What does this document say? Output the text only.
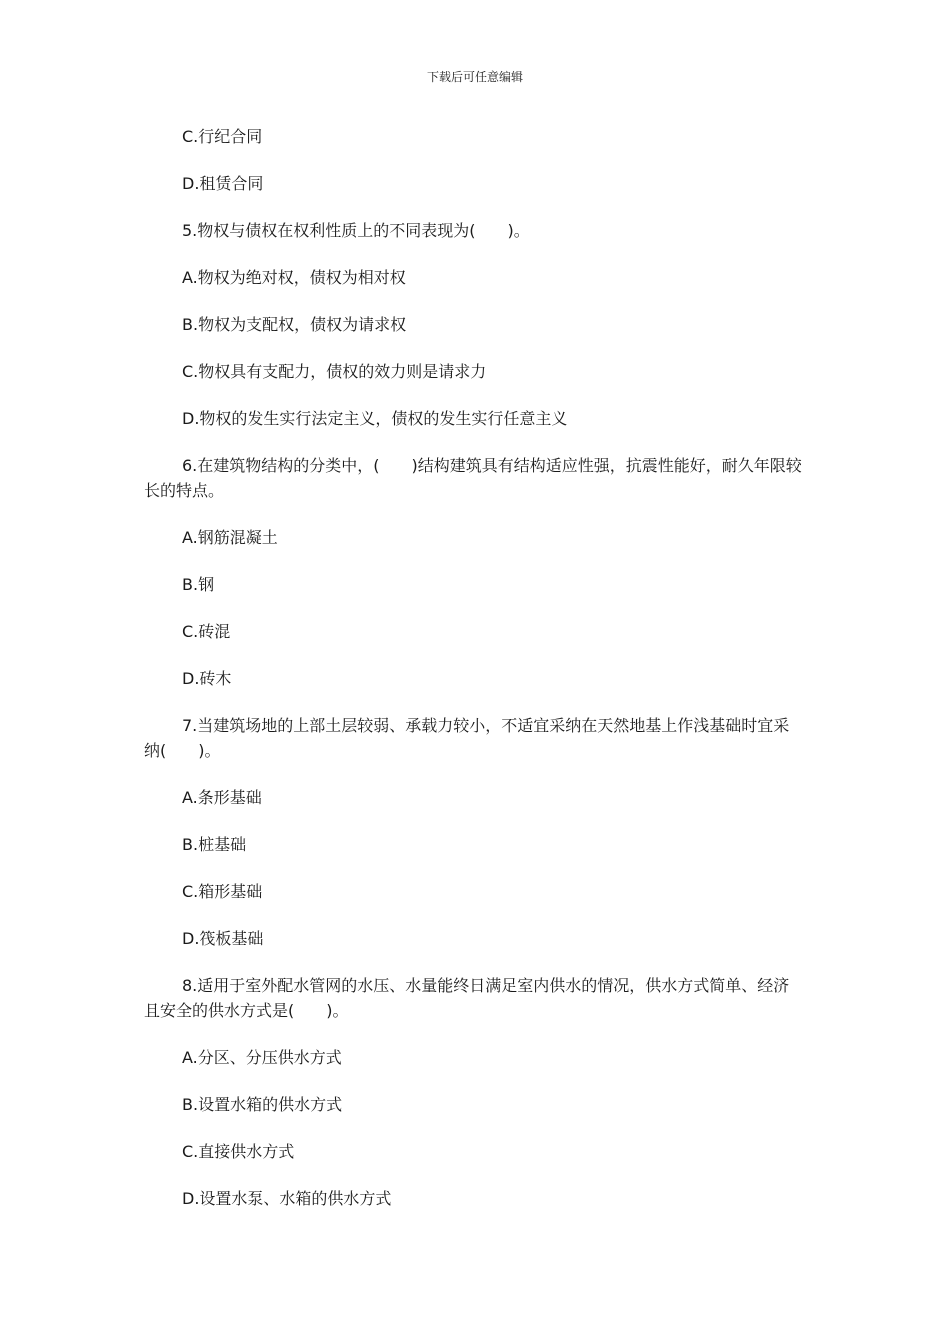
下载后可任意编辑

C.行纪合同

D.租赁合同

5.物权与债权在权利性质上的不同表现为(　　)。

A.物权为绝对权，债权为相对权

B.物权为支配权，债权为请求权

C.物权具有支配力，债权的效力则是请求力

D.物权的发生实行法定主义，债权的发生实行任意主义

6.在建筑物结构的分类中，(　　)结构建筑具有结构适应性强，抗震性能好，耐久年限较长的特点。

A.钢筋混凝土

B.钢

C.砖混

D.砖木

7.当建筑场地的上部土层较弱、承载力较小，不适宜采纳在天然地基上作浅基础时宜采纳(　　)。

A.条形基础

B.桩基础

C.箱形基础

D.筏板基础

8.适用于室外配水管网的水压、水量能终日满足室内供水的情况，供水方式简单、经济且安全的供水方式是(　　)。

A.分区、分压供水方式

B.设置水箱的供水方式

C.直接供水方式

D.设置水泵、水箱的供水方式
